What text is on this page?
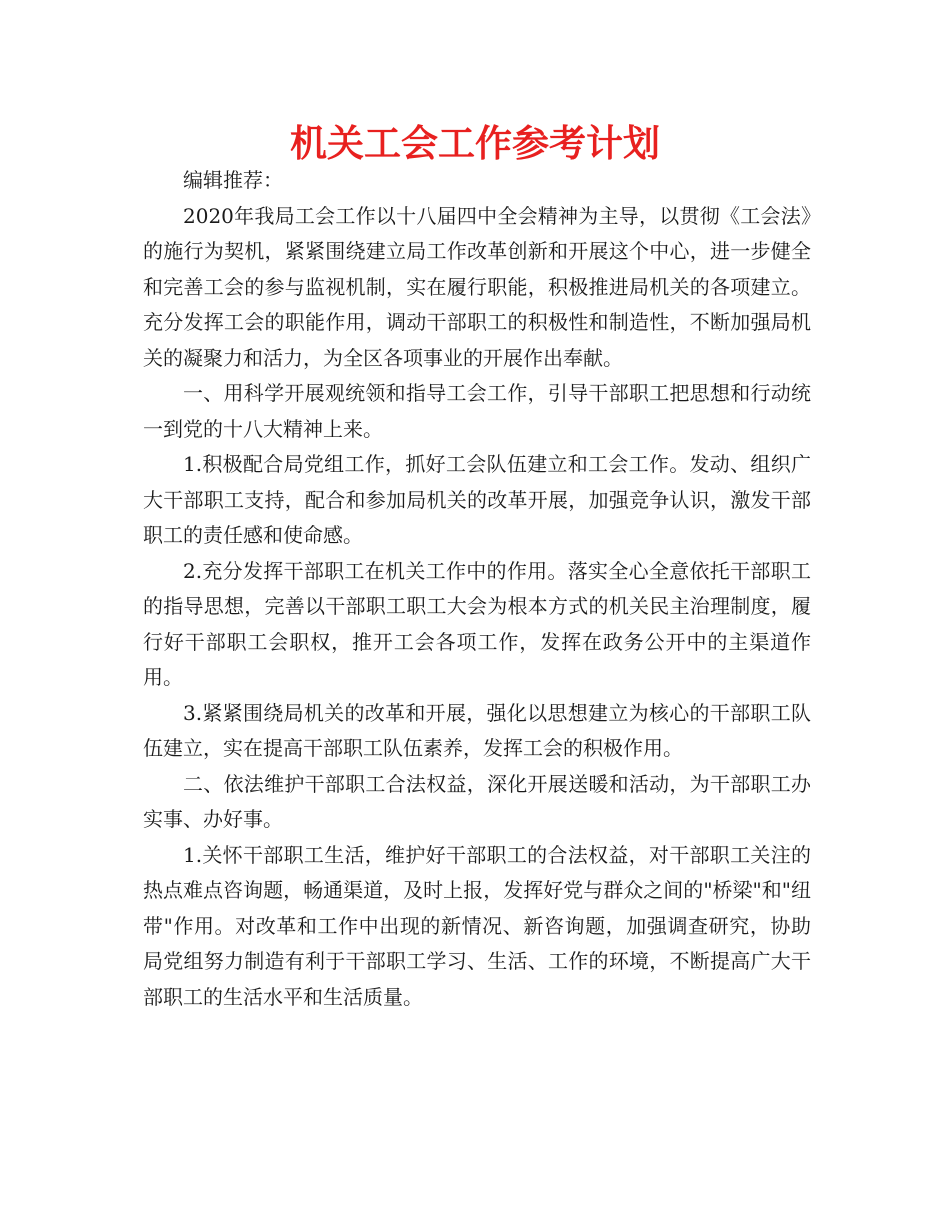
机关工会工作参考计划

编辑推荐：

2020年我局工会工作以十八届四中全会精神为主导，以贯彻《工会法》的施行为契机，紧紧围绕建立局工作改革创新和开展这个中心，进一步健全和完善工会的参与监视机制，实在履行职能，积极推进局机关的各项建立。充分发挥工会的职能作用，调动干部职工的积极性和制造性，不断加强局机关的凝聚力和活力，为全区各项事业的开展作出奉献。

一、用科学开展观统领和指导工会工作，引导干部职工把思想和行动统一到党的十八大精神上来。

1.积极配合局党组工作，抓好工会队伍建立和工会工作。发动、组织广大干部职工支持，配合和参加局机关的改革开展，加强竞争认识，激发干部职工的责任感和使命感。

2.充分发挥干部职工在机关工作中的作用。落实全心全意依托干部职工的指导思想，完善以干部职工职工大会为根本方式的机关民主治理制度，履行好干部职工会职权，推开工会各项工作，发挥在政务公开中的主渠道作用。

3.紧紧围绕局机关的改革和开展，强化以思想建立为核心的干部职工队伍建立，实在提高干部职工队伍素养，发挥工会的积极作用。

二、依法维护干部职工合法权益，深化开展送暖和活动，为干部职工办实事、办好事。

1.关怀干部职工生活，维护好干部职工的合法权益，对干部职工关注的热点难点咨询题，畅通渠道，及时上报，发挥好党与群众之间的"桥梁"和"纽带"作用。对改革和工作中出现的新情况、新咨询题，加强调查研究，协助局党组努力制造有利于干部职工学习、生活、工作的环境，不断提高广大干部职工的生活水平和生活质量。
